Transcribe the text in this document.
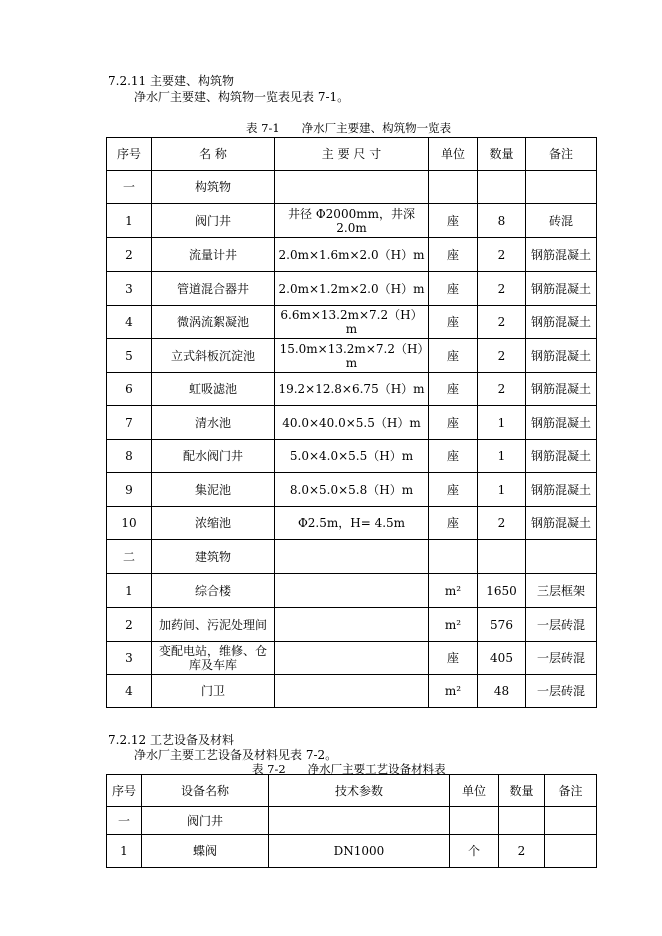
7.2.11 主要建、构筑物
净水厂主要建、构筑物一览表见表 7-1。
表 7-1      净水厂主要建、构筑物一览表
序号	名 称	主 要 尺 寸	单位	数量	备注
一	构筑物				
1	阀门井	井径 Φ2000mm，井深 2.0m	座	8	砖混
2	流量计井	2.0m×1.6m×2.0（H）m	座	2	钢筋混凝土
3	管道混合器井	2.0m×1.2m×2.0（H）m	座	2	钢筋混凝土
4	微涡流絮凝池	6.6m×13.2m×7.2（H）m	座	2	钢筋混凝土
5	立式斜板沉淀池	15.0m×13.2m×7.2（H）m	座	2	钢筋混凝土
6	虹吸滤池	19.2×12.8×6.75（H）m	座	2	钢筋混凝土
7	清水池	40.0×40.0×5.5（H）m	座	1	钢筋混凝土
8	配水阀门井	5.0×4.0×5.5（H）m	座	1	钢筋混凝土
9	集泥池	8.0×5.0×5.8（H）m	座	1	钢筋混凝土
10	浓缩池	Φ2.5m，H= 4.5m	座	2	钢筋混凝土
二	建筑物				
1	综合楼		m²	1650	三层框架
2	加药间、污泥处理间		m²	576	一层砖混
3	变配电站，维修、仓库及车库		座	405	一层砖混
4	门卫		m²	48	一层砖混
7.2.12 工艺设备及材料
净水厂主要工艺设备及材料见表 7-2。
表 7-2      净水厂主要工艺设备材料表
序号	设备名称	技术参数	单位	数量	备注
一	阀门井				
1	蝶阀	DN1000	个	2	
